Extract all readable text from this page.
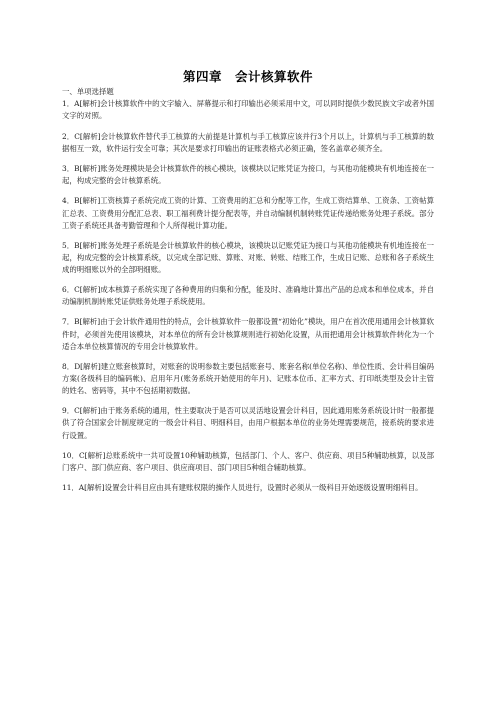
第四章　会计核算软件
一、单项选择题

1．A[解析]会计核算软件中的文字输入、屏幕提示和打印输出必须采用中文，可以同时提供少数民族文字或者外国文字的对照。

2．C[解析]会计核算软件替代手工核算的大前提是计算机与手工核算应该并行3个月以上，计算机与手工核算的数据相互一致，软件运行安全可靠；其次是要求打印输出的证账表格式必须正确，签名盖章必须齐全。

3．B[解析]账务处理模块是会计核算软件的核心模块，该模块以记账凭证为接口，与其他功能模块有机地连接在一起，构成完整的会计核算系统。

4．B[解析]工资核算子系统完成工资的计算、工资费用的汇总和分配等工作，生成工资结算单、工资条、工资帖算汇总表、工资费用分配汇总表、职工福利费计提分配表等，并自动编制机制转账凭证传递给账务处理子系统。部分工资子系统还具备考勤管理和个人所得税计算功能。

5．B[解析]账务处理子系统是会计核算软件的核心模块，该模块以记账凭证为接口与其他功能模块有机地连接在一起，构成完整的会计核算系统，以完成全部记账、算账、对账、转账、结账工作，生成日记账、总账和各子系统生成的明细账以外的全部明细账。

6．C[解析]成本核算子系统实现了各种费用的归集和分配，能及时、准确地计算出产品的总成本和单位成本，并自动编制机制转账凭证供账务处理子系统使用。

7．B[解析]由于会计软件通用性的特点，会计核算软件一般都设置“初始化”模块，用户在首次使用通用会计核算软件时，必须首先使用该模块，对本单位的所有会计核算规则进行初始化设置，从而把通用会计核算软件转化为一个适合本单位核算情况的专用会计核算软件。

8．D[解析]建立账套核算时，对账套的说明参数主要包括账套号、账套名称(单位名称)、单位性质、会计科目编码方案(各级科目的编码帐)、启用年月(账务系统开始使用的年月)、记账本位币、汇率方式、打印纸类型及会计主管的姓名、密码等，其中不包括期初数据。

9．C[解析]由于账务系统的通用，性主要取决于是否可以灵活地设置会计科目，因此通用账务系统设计时一般都提供了符合国家会计制度规定的一级会计科目、明细科目，由用户根据本单位的业务处理需要规范，接系统的要求进行设置。

10．C[解析]总账系统中一共可设置10种辅助核算，包括部门、个人、客户、供应商、项目5种辅助核算，以及部门客户、部门供应商、客户项目、供应商项目、部门项目5种组合辅助核算。

11．A[解析]设置会计科目应由具有建账权限的操作人员进行，设置时必须从一级科目开始逐级设置明细科目。
